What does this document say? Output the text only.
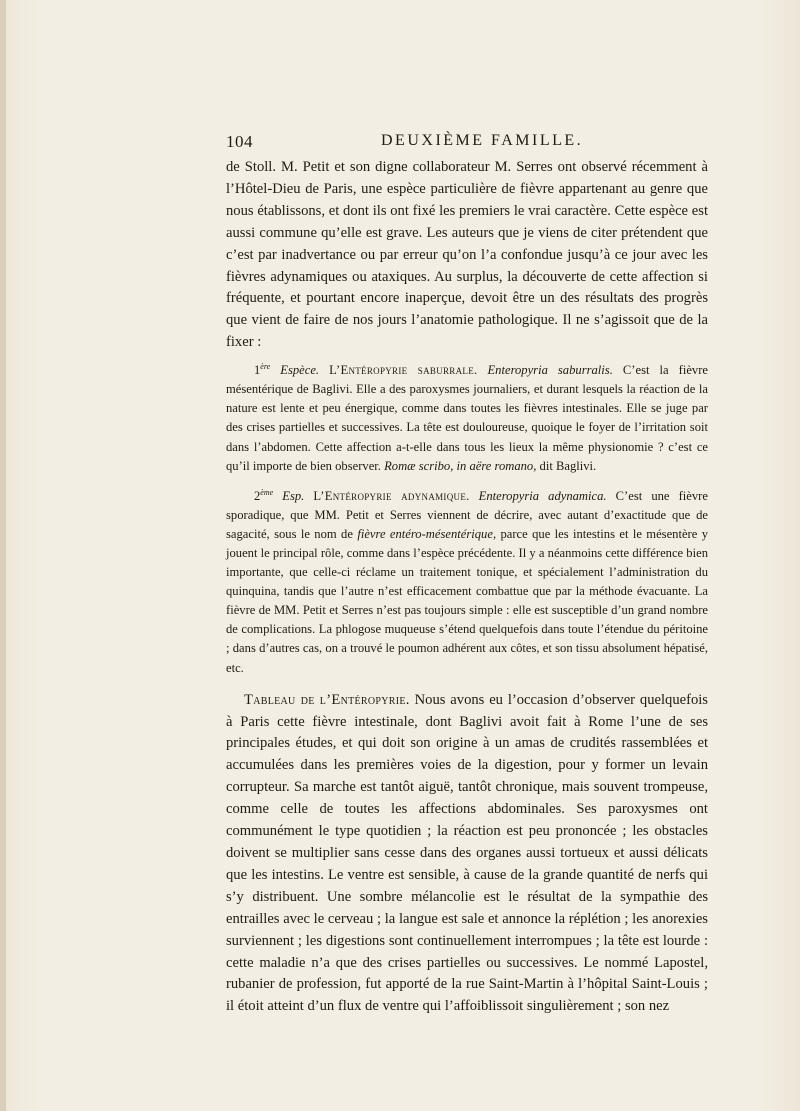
104	DEUXIÈME FAMILLE.

de Stoll. M. Petit et son digne collaborateur M. Serres ont observé récemment à l’Hôtel-Dieu de Paris, une espèce particulière de fièvre appartenant au genre que nous établissons, et dont ils ont fixé les premiers le vrai caractère. Cette espèce est aussi commune qu’elle est grave. Les auteurs que je viens de citer prétendent que c’est par inadvertance ou par erreur qu’on l’a confondue jusqu’à ce jour avec les fièvres adynamiques ou ataxiques. Au surplus, la découverte de cette affection si fréquente, et pourtant encore inaperçue, devoit être un des résultats des progrès que vient de faire de nos jours l’anatomie pathologique. Il ne s’agissoit que de la fixer :

1ère Espèce. L’Entéropyrie saburrale. Enteropyria saburralis. C’est la fièvre mésentérique de Baglivi. Elle a des paroxysmes journaliers, et durant lesquels la réaction de la nature est lente et peu énergique, comme dans toutes les fièvres intestinales. Elle se juge par des crises partielles et successives. La tête est douloureuse, quoique le foyer de l’irritation soit dans l’abdomen. Cette affection a-t-elle dans tous les lieux la même physionomie ? c’est ce qu’il importe de bien observer. Romæ scribo, in aëre romano, dit Baglivi.

2ème Esp. L’Entéropyrie adynamique. Enteropyria adynamica. C’est une fièvre sporadique, que MM. Petit et Serres viennent de décrire, avec autant d’exactitude que de sagacité, sous le nom de fièvre entéro-mésentérique, parce que les intestins et le mésentère y jouent le principal rôle, comme dans l’espèce précédente. Il y a néanmoins cette différence bien importante, que celle-ci réclame un traitement tonique, et spécialement l’administration du quinquina, tandis que l’autre n’est efficacement combattue que par la méthode évacuante. La fièvre de MM. Petit et Serres n’est pas toujours simple : elle est susceptible d’un grand nombre de complications. La phlogose muqueuse s’étend quelquefois dans toute l’étendue du péritoine ; dans d’autres cas, on a trouvé le poumon adhérent aux côtes, et son tissu absolument hépatisé, etc.

Tableau de l’Entéropyrie. Nous avons eu l’occasion d’observer quelquefois à Paris cette fièvre intestinale, dont Baglivi avoit fait à Rome l’une de ses principales études, et qui doit son origine à un amas de crudités rassemblées et accumulées dans les premières voies de la digestion, pour y former un levain corrupteur. Sa marche est tantôt aiguë, tantôt chronique, mais souvent trompeuse, comme celle de toutes les affections abdominales. Ses paroxysmes ont communément le type quotidien ; la réaction est peu prononcée ; les obstacles doivent se multiplier sans cesse dans des organes aussi tortueux et aussi délicats que les intestins. Le ventre est sensible, à cause de la grande quantité de nerfs qui s’y distribuent. Une sombre mélancolie est le résultat de la sympathie des entrailles avec le cerveau ; la langue est sale et annonce la réplétion ; les anorexies surviennent ; les digestions sont continuellement interrompues ; la tête est lourde : cette maladie n’a que des crises partielles ou successives. Le nommé Lapostel, rubanier de profession, fut apporté de la rue Saint-Martin à l’hôpital Saint-Louis ; il étoit atteint d’un flux de ventre qui l’affoiblissoit singulièrement ; son nez
